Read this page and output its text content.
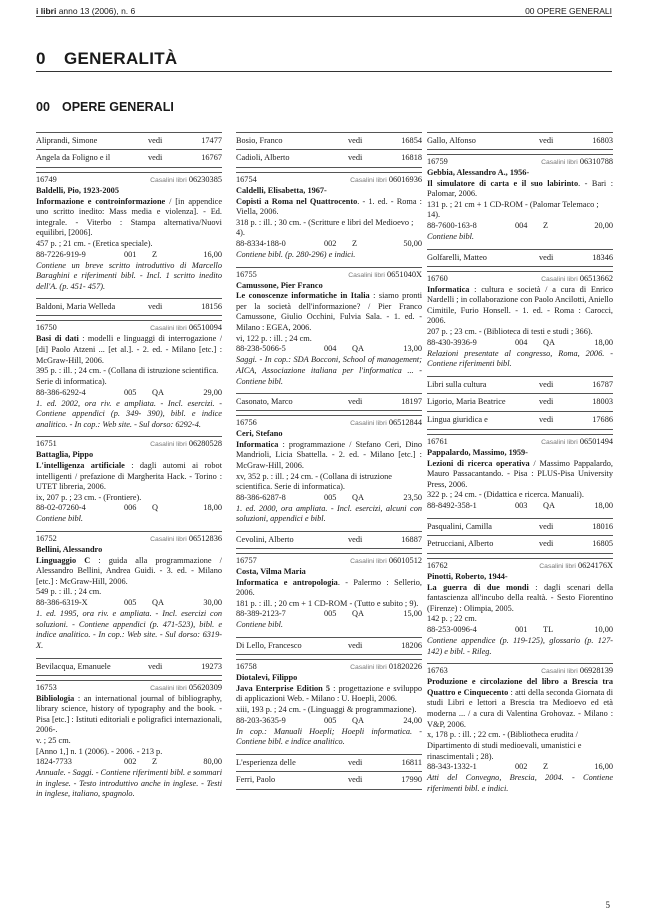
i libri anno 13 (2006), n. 6	00 OPERE GENERALI
0 GENERALITÀ
00 OPERE GENERALI
Aliprandi, Simone	vedi	17477
Angela da Foligno e il	vedi	16767
16749	Casalini libri 06230385
Baldelli, Pio, 1923-2005
Informazione e controinformazione / [in appendice uno scritto inedito: Mass media e violenza]. - Ed. integrale. - Viterbo : Stampa alternativa/Nuovi equilibri, [2006].
457 p. ; 21 cm. - (Eretica speciale).
88-7226-919-9	001 Z	16,00
Contiene un breve scritto introduttivo di Marcello Baraghini e riferimenti bibl. - Incl. 1 scritto inedito dell'A. (p. 451- 457).
Baldoni, Maria Welleda	vedi	18156
16750	Casalini libri 06510094
Basi di dati : modelli e linguaggi di interrogazione / [di] Paolo Atzeni ... [et al.]. - 2. ed. - Milano [etc.] : McGraw-Hill, 2006.
395 p. : ill. ; 24 cm. - (Collana di istruzione scientifica. Serie di informatica).
88-386-6292-4	005 QA	29,00
1. ed. 2002, ora riv. e ampliata. - Incl. esercizi. - Contiene appendici (p. 349- 390), bibl. e indice analitico. - In cop.: Web site. - Sul dorso: 6292-4.
16751	Casalini libri 06280528
Battaglia, Pippo
L'intelligenza artificiale : dagli automi ai robot intelligenti / prefazione di Margherita Hack. - Torino : UTET libreria, 2006.
ix, 207 p. ; 23 cm. - (Frontiere).
88-02-07260-4	006 Q	18,00
Contiene bibl.
16752	Casalini libri 06512836
Bellini, Alessandro
Linguaggio C : guida alla programmazione / Alessandro Bellini, Andrea Guidi. - 3. ed. - Milano [etc.] : McGraw-Hill, 2006.
549 p. : ill. ; 24 cm.
88-386-6319-X	005 QA	30,00
1. ed. 1995, ora riv. e ampliata. - Incl. esercizi con soluzioni. - Contiene appendici (p. 471-523), bibl. e indice analitico. - In cop.: Web site. - Sul dorso: 6319-X.
Bevilacqua, Emanuele	vedi	19273
16753	Casalini libri 05620309
Bibliologia : an international journal of bibliography, library science, history of typography and the book. - Pisa [etc.] : Istituti editoriali e poligrafici internazionali, 2006-.
v. ; 25 cm.
[Anno 1,] n. 1 (2006). - 2006. - 213 p.
1824-7733	002 Z	80,00
Annuale. - Saggi. - Contiene riferimenti bibl. e sommari in inglese. - Testo introduttivo anche in inglese. - Testi in inglese, italiano, spagnolo.
Bosio, Franco	vedi	16854
Cadioli, Alberto	vedi	16818
16754	Casalini libri 06016936
Caldelli, Elisabetta, 1967-
Copisti a Roma nel Quattrocento. - 1. ed. - Roma : Viella, 2006.
318 p. : ill. ; 30 cm. - (Scritture e libri del Medioevo ; 4).
88-8334-188-0	002 Z	50,00
Contiene bibl. (p. 280-296) e indici.
16755	Casalini libri 0651040X
Camussone, Pier Franco
Le conoscenze informatiche in Italia : siamo pronti per la società dell'informazione? / Pier Franco Camussone, Giulio Occhini, Fulvia Sala. - 1. ed. - Milano : EGEA, 2006.
vi, 122 p. : ill. ; 24 cm.
88-238-5066-5	004 QA	13,00
Saggi. - In cop.: SDA Bocconi, School of management; AICA, Associazione italiana per l'informatica ... - Contiene bibl.
Casonato, Marco	vedi	18197
16756	Casalini libri 06512844
Ceri, Stefano
Informatica : programmazione / Stefano Ceri, Dino Mandrioli, Licia Sbattella. - 2. ed. - Milano [etc.] : McGraw-Hill, 2006.
xv, 352 p. : ill. ; 24 cm. - (Collana di istruzione scientifica. Serie di informatica).
88-386-6287-8	005 QA	23,50
1. ed. 2000, ora ampliata. - Incl. esercizi, alcuni con soluzioni, appendici e bibl.
Cevolini, Alberto	vedi	16887
16757	Casalini libri 06010512
Costa, Vilma Maria
Informatica e antropologia. - Palermo : Sellerio, 2006.
181 p. : ill. ; 20 cm + 1 CD-ROM - (Tutto e subito ; 9).
88-389-2123-7	005 QA	15,00
Contiene bibl.
Di Lello, Francesco	vedi	18206
16758	Casalini libri 01820226
Diotalevi, Filippo
Java Enterprise Edition 5 : progettazione e sviluppo di applicazioni Web. - Milano : U. Hoepli, 2006.
xiii, 193 p. ; 24 cm. - (Linguaggi & programmazione).
88-203-3635-9	005 QA	24,00
In cop.: Manuali Hoepli; Hoepli informatica. - Contiene bibl. e indice analitico.
L'esperienza delle	vedi	16811
Ferri, Paolo	vedi	17990
Gallo, Alfonso	vedi	16803
16759	Casalini libri 06310788
Gebbia, Alessandro A., 1956-
Il simulatore di carta e il suo labirinto. - Bari : Palomar, 2006.
131 p. ; 21 cm + 1 CD-ROM - (Palomar Telemaco ; 14).
88-7600-163-8	004 Z	20,00
Contiene bibl.
Golfarelli, Matteo	vedi	18346
16760	Casalini libri 06513662
Informatica : cultura e società / a cura di Enrico Nardelli ; in collaborazione con Paolo Ancilotti, Aniello Cimitile, Furio Honsell. - 1. ed. - Roma : Carocci, 2006.
207 p. ; 23 cm. - (Biblioteca di testi e studi ; 366).
88-430-3936-9	004 QA	18,00
Relazioni presentate al congresso, Roma, 2006. - Contiene riferimenti bibl.
Libri sulla cultura	vedi	16787
Ligorio, Maria Beatrice	vedi	18003
Lingua giuridica e	vedi	17686
16761	Casalini libri 06501494
Pappalardo, Massimo, 1959-
Lezioni di ricerca operativa / Massimo Pappalardo, Mauro Passacantando. - Pisa : PLUS-Pisa University Press, 2006.
322 p. ; 24 cm. - (Didattica e ricerca. Manuali).
88-8492-358-1	003 QA	18,00
Pasqualini, Camilla	vedi	18016
Petrucciani, Alberto	vedi	16805
16762	Casalini libri 0624176X
Pinotti, Roberto, 1944-
La guerra di due mondi : dagli scenari della fantascienza all'incubo della realtà. - Sesto Fiorentino (Firenze) : Olimpia, 2005.
142 p. ; 22 cm.
88-253-0096-4	001 TL	10,00
Contiene appendice (p. 119-125), glossario (p. 127-142) e bibl. - Rileg.
16763	Casalini libri 06928139
Produzione e circolazione del libro a Brescia tra Quattro e Cinquecento : atti della seconda Giornata di studi Libri e lettori a Brescia tra Medioevo ed età moderna ... / a cura di Valentina Grohovaz. - Milano : V&P, 2006.
x, 178 p. : ill. ; 22 cm. - (Bibliotheca erudita / Dipartimento di studi medioevali, umanistici e rinascimentali ; 28).
88-343-1332-1	002 Z	16,00
Atti del Convegno, Brescia, 2004. - Contiene riferimenti bibl. e indici.
5
